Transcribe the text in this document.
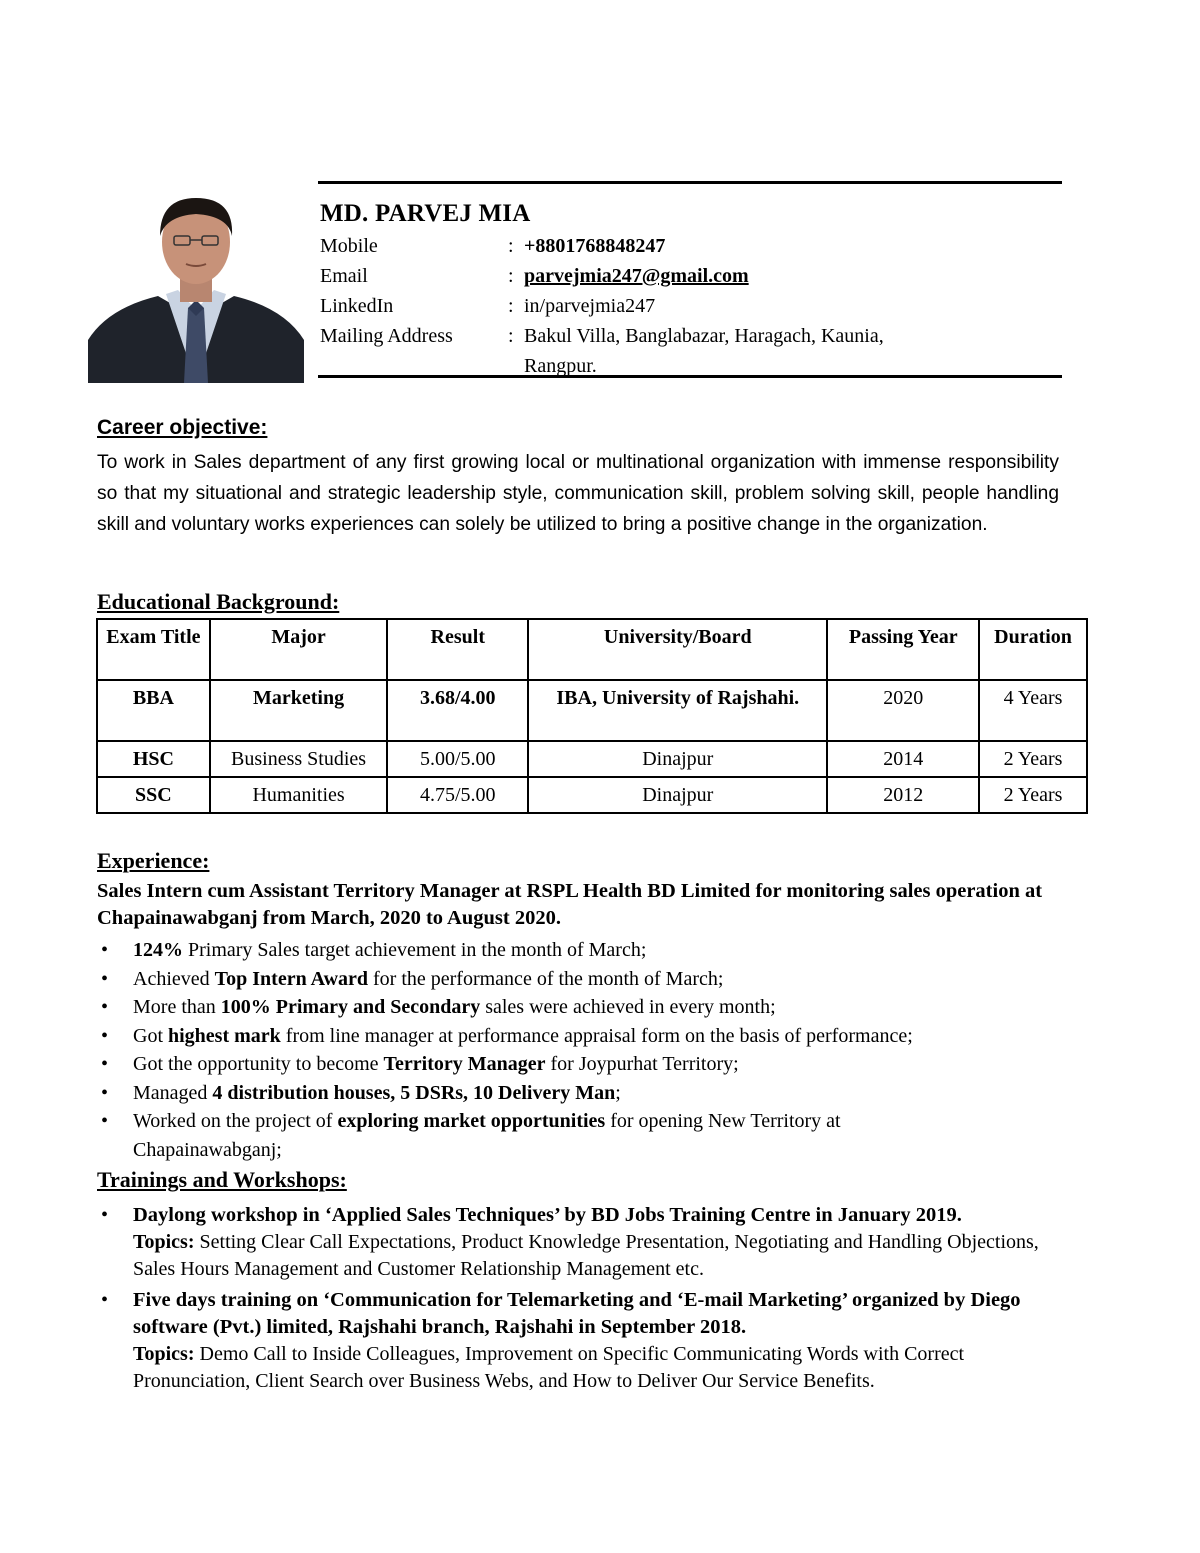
MD. PARVEJ MIA
Mobile	: +8801768848247
Email	: parvejmia247@gmail.com
LinkedIn	: in/parvejmia247
Mailing Address	: Bakul Villa, Banglabazar, Haragach, Kaunia,
Rangpur.
Career objective:
To work in Sales department of any first growing local or multinational organization with immense responsibility so that my situational and strategic leadership style, communication skill, problem solving skill, people handling skill and voluntary works experiences can solely be utilized to bring a positive change in the organization.
Educational Background:
Exam Title	Major	Result	University/Board	Passing Year	Duration
BBA	Marketing	3.68/4.00	IBA, University of Rajshahi.	2020	4 Years
HSC	Business Studies	5.00/5.00	Dinajpur	2014	2 Years
SSC	Humanities	4.75/5.00	Dinajpur	2012	2 Years
Experience:
Sales Intern cum Assistant Territory Manager at RSPL Health BD Limited for monitoring sales operation at Chapainawabganj from March, 2020 to August 2020.
• 124% Primary Sales target achievement in the month of March;
• Achieved Top Intern Award for the performance of the month of March;
• More than 100% Primary and Secondary sales were achieved in every month;
• Got highest mark from line manager at performance appraisal form on the basis of performance;
• Got the opportunity to become Territory Manager for Joypurhat Territory;
• Managed 4 distribution houses, 5 DSRs, 10 Delivery Man;
• Worked on the project of exploring market opportunities for opening New Territory at Chapainawabganj;
Trainings and Workshops:
• Daylong workshop in ‘Applied Sales Techniques’ by BD Jobs Training Centre in January 2019.
Topics: Setting Clear Call Expectations, Product Knowledge Presentation, Negotiating and Handling Objections, Sales Hours Management and Customer Relationship Management etc.
• Five days training on ‘Communication for Telemarketing and ‘E-mail Marketing’ organized by Diego software (Pvt.) limited, Rajshahi branch, Rajshahi in September 2018.
Topics: Demo Call to Inside Colleagues, Improvement on Specific Communicating Words with Correct Pronunciation, Client Search over Business Webs, and How to Deliver Our Service Benefits.
